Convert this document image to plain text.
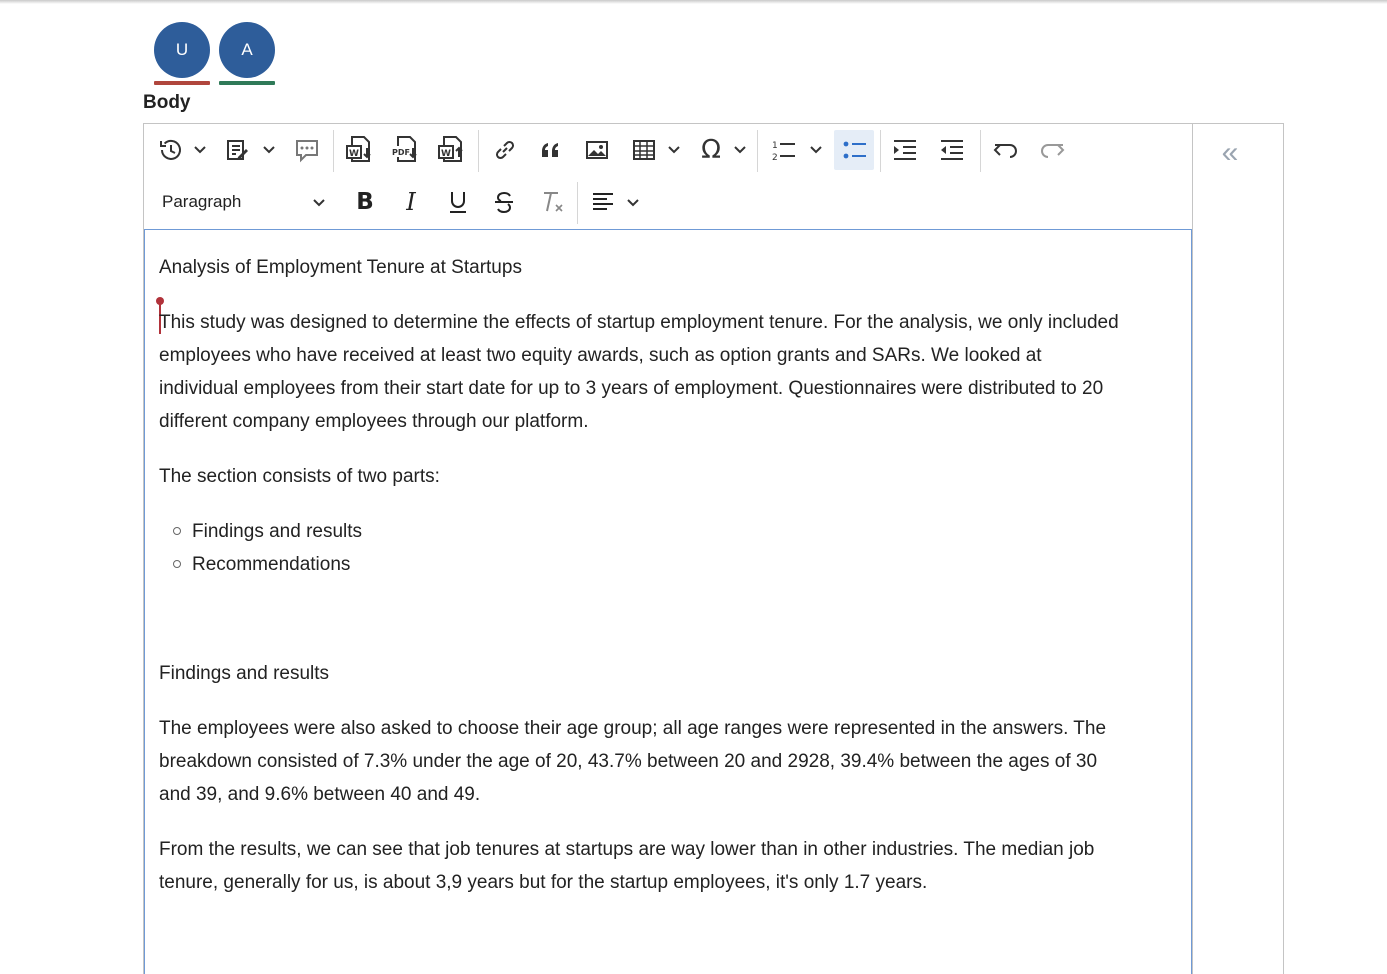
U	A
Body
«
W	PDF	W	Ω	1
2
Paragraph	B I
Analysis of Employment Tenure at Startups
This study was designed to determine the effects of startup employment tenure. For the analysis, we only included
employees who have received at least two equity awards, such as option grants and SARs. We looked at
individual employees from their start date for up to 3 years of employment. Questionnaires were distributed to 20
different company employees through our platform.
The section consists of two parts:
Findings and results
Recommendations
Findings and results
The employees were also asked to choose their age group; all age ranges were represented in the answers. The
breakdown consisted of 7.3% under the age of 20, 43.7% between 20 and 2928, 39.4% between the ages of 30
and 39, and 9.6% between 40 and 49.
From the results, we can see that job tenures at startups are way lower than in other industries. The median job
tenure, generally for us, is about 3,9 years but for the startup employees, it's only 1.7 years.
